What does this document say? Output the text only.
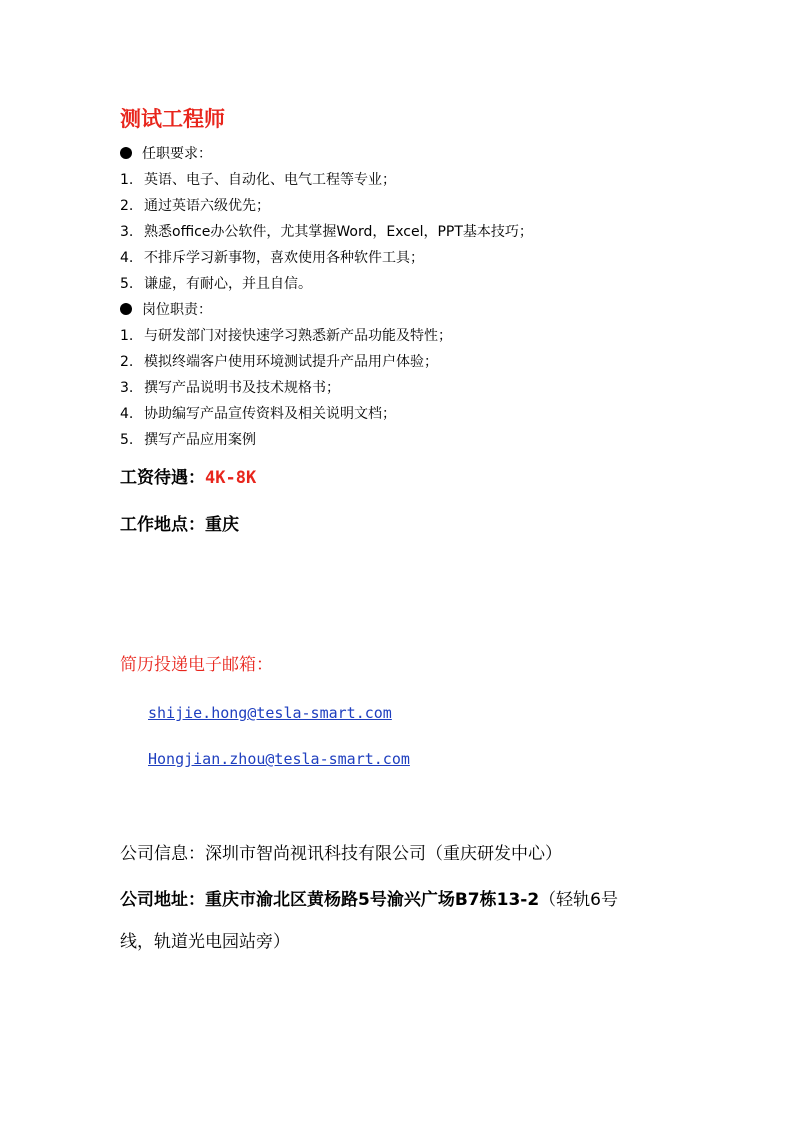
测试工程师
任职要求：
1. 英语、电子、自动化、电气工程等专业；
2. 通过英语六级优先；
3. 熟悉office办公软件，尤其掌握Word，Excel，PPT基本技巧；
4. 不排斥学习新事物，喜欢使用各种软件工具；
5. 谦虚，有耐心，并且自信。
岗位职责：
1. 与研发部门对接快速学习熟悉新产品功能及特性；
2. 模拟终端客户使用环境测试提升产品用户体验；
3. 撰写产品说明书及技术规格书；
4. 协助编写产品宣传资料及相关说明文档；
5. 撰写产品应用案例
工资待遇：4K-8K
工作地点：重庆
简历投递电子邮箱：
shijie.hong@tesla-smart.com
Hongjian.zhou@tesla-smart.com
公司信息：深圳市智尚视讯科技有限公司（重庆研发中心）
公司地址：重庆市渝北区黄杨路5号渝兴广场B7栋13-2（轻轨6号
线，轨道光电园站旁）
